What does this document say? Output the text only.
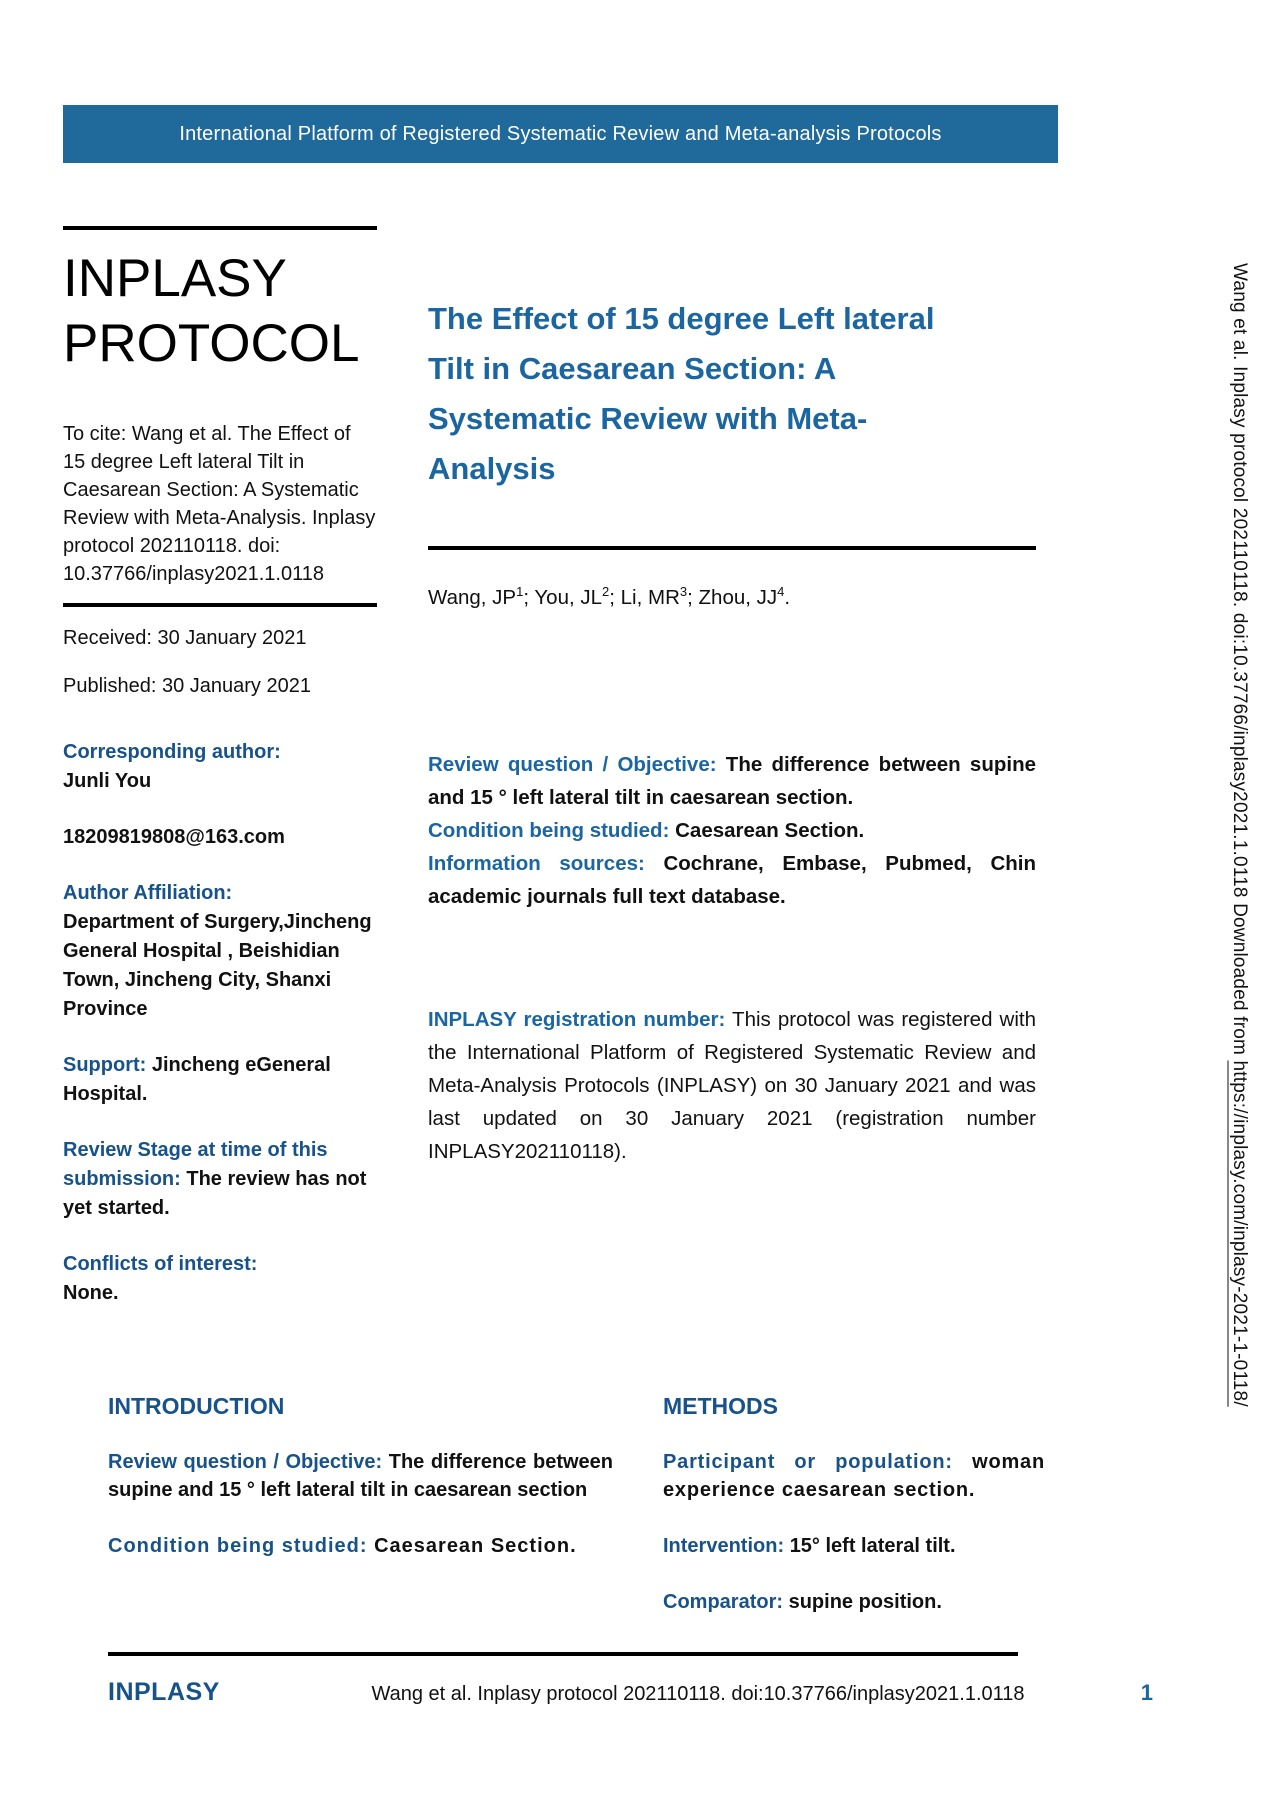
International Platform of Registered Systematic Review and Meta-analysis Protocols
Wang et al. Inplasy protocol 202110118. doi:10.37766/inplasy2021.1.0118 Downloaded from https://inplasy.com/inplasy-2021-1-0118/
INPLASY
PROTOCOL
To cite: Wang et al. The Effect of 15 degree Left lateral Tilt in Caesarean Section: A Systematic Review with Meta-Analysis. Inplasy protocol 202110118. doi: 10.37766/inplasy2021.1.0118
Received: 30 January 2021
Published: 30 January 2021
Corresponding author:
Junli You
18209819808@163.com
Author Affiliation:
Department of Surgery,Jincheng General Hospital , Beishidian Town, Jincheng City, Shanxi Province
Support: Jincheng eGeneral Hospital.
Review Stage at time of this submission: The review has not yet started.
Conflicts of interest:
None.
The Effect of 15 degree Left lateral
Tilt in Caesarean Section: A
Systematic Review with Meta-
Analysis
Wang, $JP^1$; You, $JL^2$; Li, $MR^3$; Zhou, $JJ^4$.
Review question / Objective: The difference between supine and 15 ° left lateral tilt in caesarean section.
Condition being studied: Caesarean Section.
Information sources: Cochrane, Embase, Pubmed, Chin academic journals full text database.
INPLASY registration number: This protocol was registered with the International Platform of Registered Systematic Review and Meta-Analysis Protocols (INPLASY) on 30 January 2021 and was last updated on 30 January 2021 (registration number INPLASY202110118).
INTRODUCTION
Review question / Objective: The difference between supine and 15 ° left lateral tilt in caesarean section
Condition being studied: Caesarean Section.
METHODS
Participant or population: woman experience caesarean section.
Intervention: 15° left lateral tilt.
Comparator: supine position.
INPLASY	Wang et al. Inplasy protocol 202110118. doi:10.37766/inplasy2021.1.0118	1
